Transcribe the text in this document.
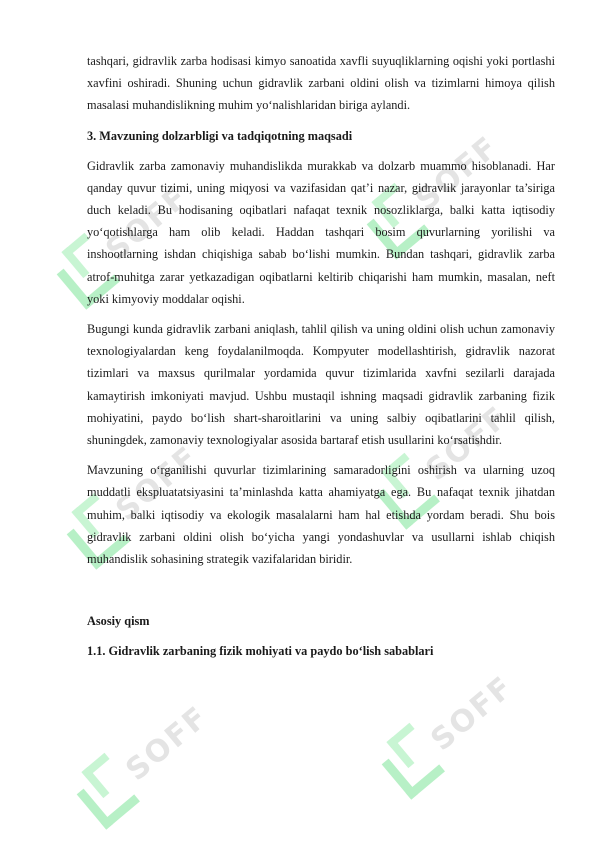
SOFF
SOFF
SOFF	SOFF
SOFF	SOFF

tashqari, gidravlik zarba hodisasi kimyo sanoatida xavfli suyuqliklarning oqishi yoki portlashi xavfini oshiradi. Shuning uchun gidravlik zarbani oldini olish va tizimlarni himoya qilish masalasi muhandislikning muhim yo‘nalishlaridan biriga aylandi.

3. Mavzuning dolzarbligi va tadqiqotning maqsadi

Gidravlik zarba zamonaviy muhandislikda murakkab va dolzarb muammo hisoblanadi. Har qanday quvur tizimi, uning miqyosi va vazifasidan qat’i nazar, gidravlik jarayonlar ta’siriga duch keladi. Bu hodisaning oqibatlari nafaqat texnik nosozliklarga, balki katta iqtisodiy yo‘qotishlarga ham olib keladi. Haddan tashqari bosim quvurlarning yorilishi va inshootlarning ishdan chiqishiga sabab bo‘lishi mumkin. Bundan tashqari, gidravlik zarba atrof-muhitga zarar yetkazadigan oqibatlarni keltirib chiqarishi ham mumkin, masalan, neft yoki kimyoviy moddalar oqishi.

Bugungi kunda gidravlik zarbani aniqlash, tahlil qilish va uning oldini olish uchun zamonaviy texnologiyalardan keng foydalanilmoqda. Kompyuter modellashtirish, gidravlik nazorat tizimlari va maxsus qurilmalar yordamida quvur tizimlarida xavfni sezilarli darajada kamaytirish imkoniyati mavjud. Ushbu mustaqil ishning maqsadi gidravlik zarbaning fizik mohiyatini, paydo bo‘lish shart-sharoitlarini va uning salbiy oqibatlarini tahlil qilish, shuningdek, zamonaviy texnologiyalar asosida bartaraf etish usullarini ko‘rsatishdir.

Mavzuning o‘rganilishi quvurlar tizimlarining samaradorligini oshirish va ularning uzoq muddatli ekspluatatsiyasini ta’minlashda katta ahamiyatga ega. Bu nafaqat texnik jihatdan muhim, balki iqtisodiy va ekologik masalalarni ham hal etishda yordam beradi. Shu bois gidravlik zarbani oldini olish bo‘yicha yangi yondashuvlar va usullarni ishlab chiqish muhandislik sohasining strategik vazifalaridan biridir.

Asosiy qism
1.1. Gidravlik zarbaning fizik mohiyati va paydo bo‘lish sabablari
